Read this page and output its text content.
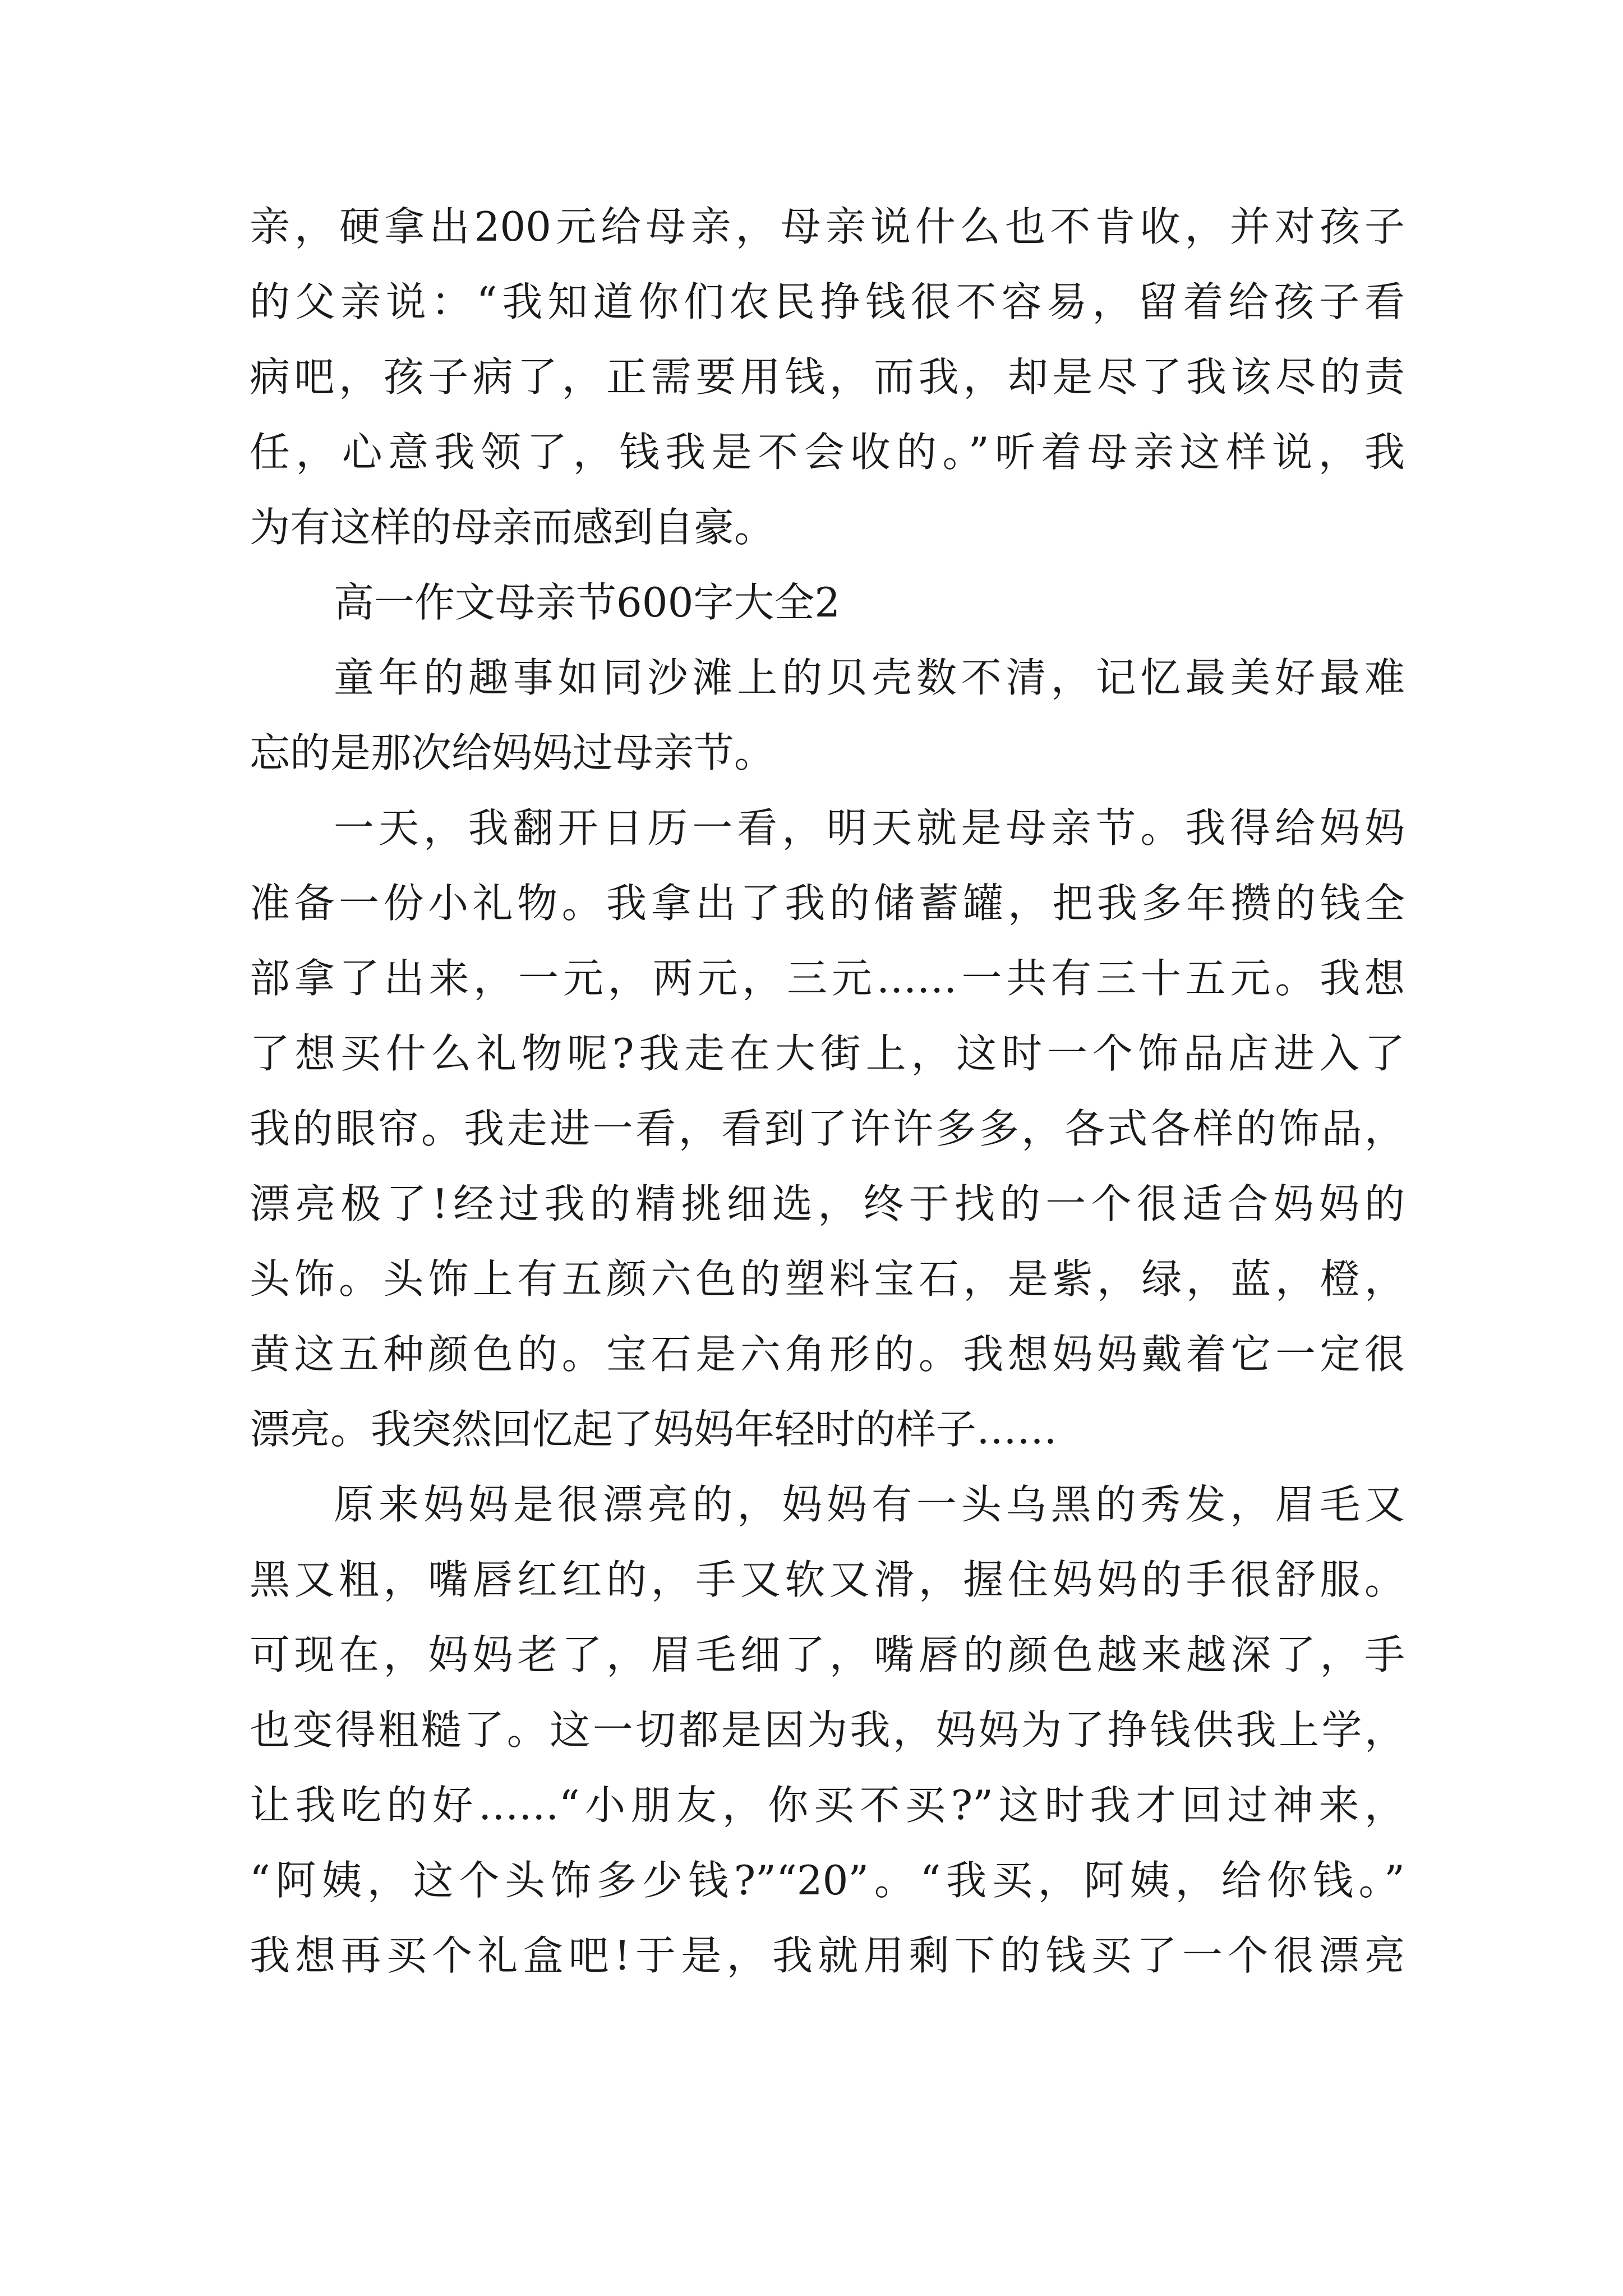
亲，硬拿出200元给母亲，母亲说什么也不肯收，并对孩子

的父亲说：“我知道你们农民挣钱很不容易，留着给孩子看

病吧，孩子病了，正需要用钱，而我，却是尽了我该尽的责

任，心意我领了，钱我是不会收的。”听着母亲这样说，我

为有这样的母亲而感到自豪。

高一作文母亲节600字大全2

童年的趣事如同沙滩上的贝壳数不清，记忆最美好最难

忘的是那次给妈妈过母亲节。

一天，我翻开日历一看，明天就是母亲节。我得给妈妈

准备一份小礼物。我拿出了我的储蓄罐，把我多年攒的钱全

部拿了出来，一元，两元，三元……一共有三十五元。我想

了想买什么礼物呢?我走在大街上，这时一个饰品店进入了

我的眼帘。我走进一看，看到了许许多多，各式各样的饰品，

漂亮极了!经过我的精挑细选，终于找的一个很适合妈妈的

头饰。头饰上有五颜六色的塑料宝石，是紫，绿，蓝，橙，

黄这五种颜色的。宝石是六角形的。我想妈妈戴着它一定很

漂亮。我突然回忆起了妈妈年轻时的样子……

原来妈妈是很漂亮的，妈妈有一头乌黑的秀发，眉毛又

黑又粗，嘴唇红红的，手又软又滑，握住妈妈的手很舒服。

可现在，妈妈老了，眉毛细了，嘴唇的颜色越来越深了，手

也变得粗糙了。这一切都是因为我，妈妈为了挣钱供我上学，

让我吃的好……“小朋友，你买不买?”这时我才回过神来，

“阿姨，这个头饰多少钱?”“20”。“我买，阿姨，给你钱。”

我想再买个礼盒吧!于是，我就用剩下的钱买了一个很漂亮
